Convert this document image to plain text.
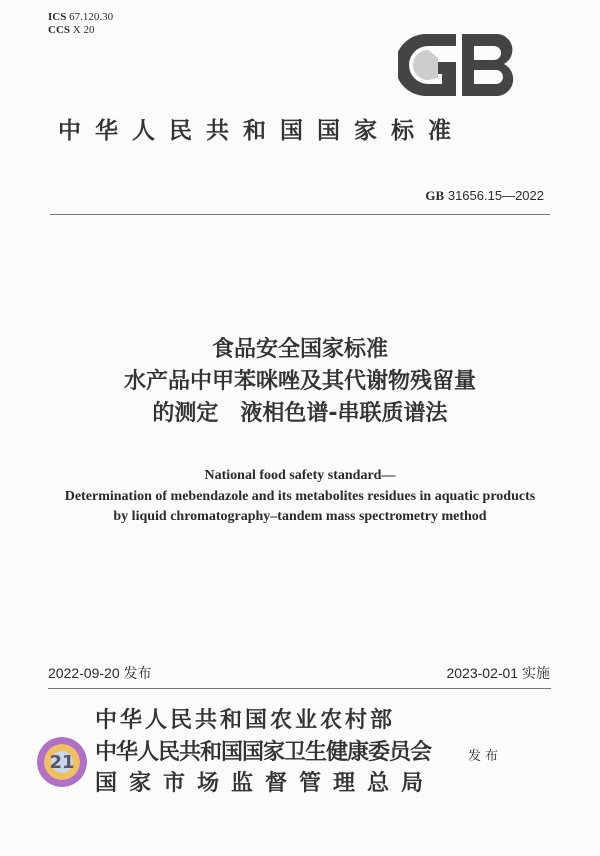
ICS 67.120.30
CCS X 20
中华人民共和国国家标准
GB 31656.15—2022
食品安全国家标准
水产品中甲苯咪唑及其代谢物残留量
的测定　液相色谱-串联质谱法
National food safety standard—
Determination of mebendazole and its metabolites residues in aquatic products
by liquid chromatography–tandem mass spectrometry method
2022-09-20 发布	2023-02-01 实施
21
中华人民共和国农业农村部
中华人民共和国国家卫生健康委员会
国家市场监督管理总局
发布
